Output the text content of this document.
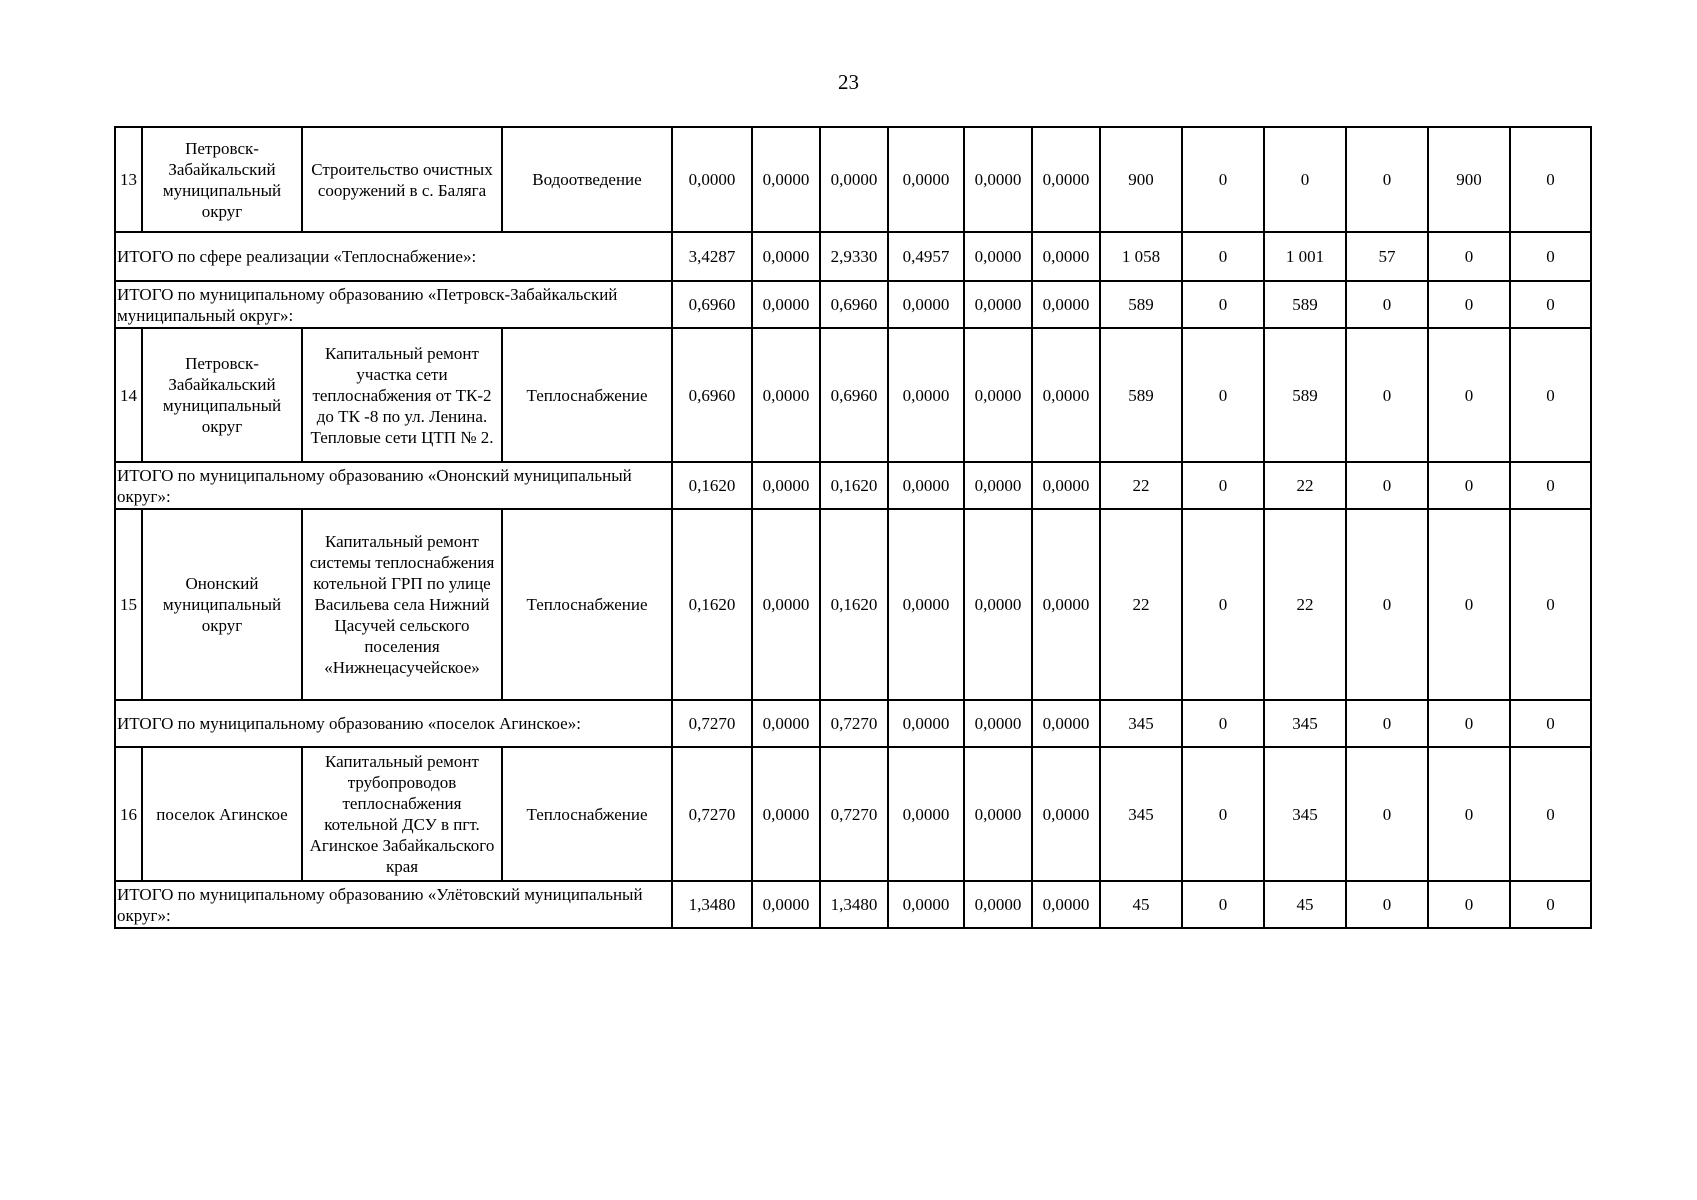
23
13	Петровск-Забайкальский муниципальный округ	Строительство очистных сооружений в с. Баляга	Водоотведение	0,0000	0,0000	0,0000	0,0000	0,0000	0,0000	900	0	0	0	900	0
ИТОГО по сфере реализации «Теплоснабжение»:				3,4287	0,0000	2,9330	0,4957	0,0000	0,0000	1 058	0	1 001	57	0	0
ИТОГО по муниципальному образованию «Петровск-Забайкальский муниципальный округ»:				0,6960	0,0000	0,6960	0,0000	0,0000	0,0000	589	0	589	0	0	0
14	Петровск-Забайкальский муниципальный округ	Капитальный ремонт участка сети теплоснабжения от ТК-2 до ТК -8 по ул. Ленина. Тепловые сети ЦТП № 2.	Теплоснабжение	0,6960	0,0000	0,6960	0,0000	0,0000	0,0000	589	0	589	0	0	0
ИТОГО по муниципальному образованию «Ононский муниципальный округ»:				0,1620	0,0000	0,1620	0,0000	0,0000	0,0000	22	0	22	0	0	0
15	Ононский муниципальный округ	Капитальный ремонт системы теплоснабжения котельной ГРП по улице Васильева села Нижний Цасучей сельского поселения «Нижнецасучейское»	Теплоснабжение	0,1620	0,0000	0,1620	0,0000	0,0000	0,0000	22	0	22	0	0	0
ИТОГО по муниципальному образованию «поселок Агинское»:				0,7270	0,0000	0,7270	0,0000	0,0000	0,0000	345	0	345	0	0	0
16	поселок Агинское	Капитальный ремонт трубопроводов теплоснабжения котельной ДСУ в пгт. Агинское Забайкальского края	Теплоснабжение	0,7270	0,0000	0,7270	0,0000	0,0000	0,0000	345	0	345	0	0	0
ИТОГО по муниципальному образованию «Улётовский муниципальный округ»:				1,3480	0,0000	1,3480	0,0000	0,0000	0,0000	45	0	45	0	0	0
